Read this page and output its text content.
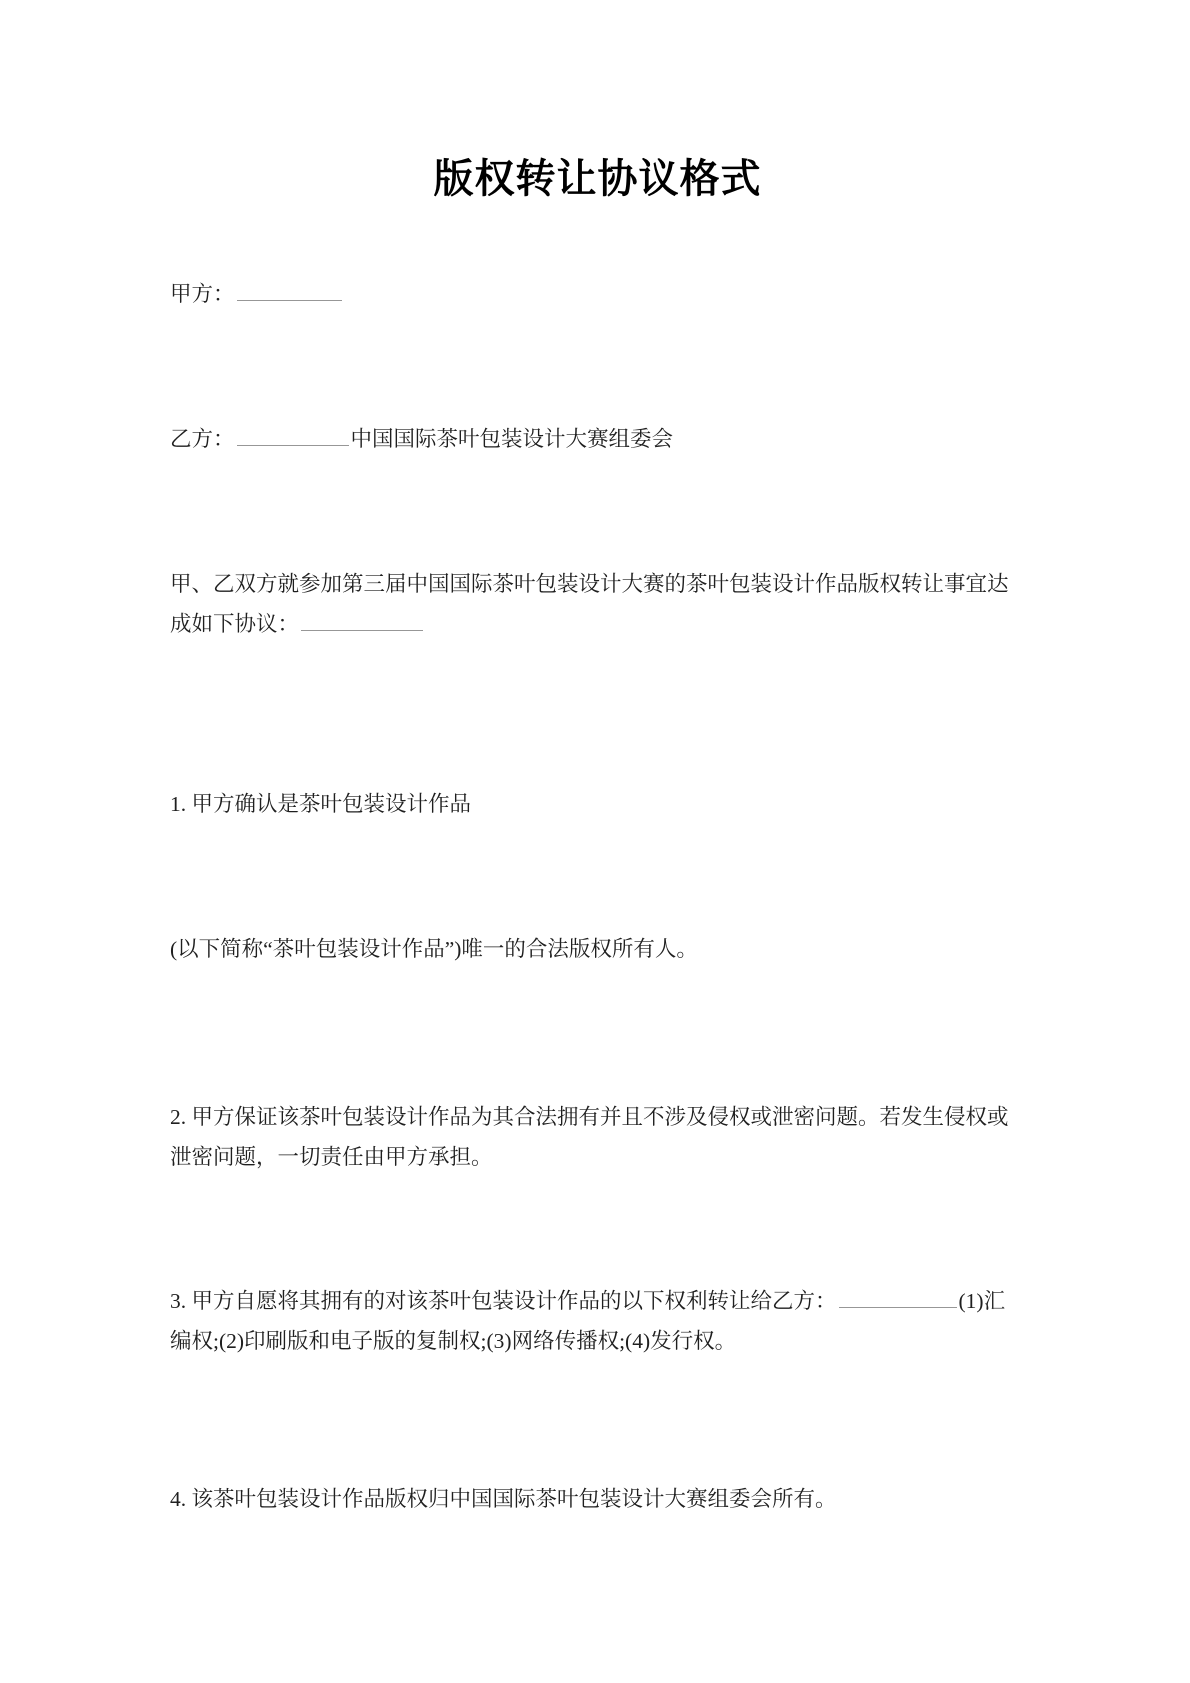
版权转让协议格式

甲方：

乙方：	中国国际茶叶包装设计大赛组委会

甲、乙双方就参加第三届中国国际茶叶包装设计大赛的茶叶包装设计作品版权转让事宜达成如下协议：

1. 甲方确认是茶叶包装设计作品

(以下简称“茶叶包装设计作品”)唯一的合法版权所有人。

2. 甲方保证该茶叶包装设计作品为其合法拥有并且不涉及侵权或泄密问题。若发生侵权或泄密问题，一切责任由甲方承担。

3. 甲方自愿将其拥有的对该茶叶包装设计作品的以下权利转让给乙方：	(1)汇编权;(2)印刷版和电子版的复制权;(3)网络传播权;(4)发行权。

4. 该茶叶包装设计作品版权归中国国际茶叶包装设计大赛组委会所有。
